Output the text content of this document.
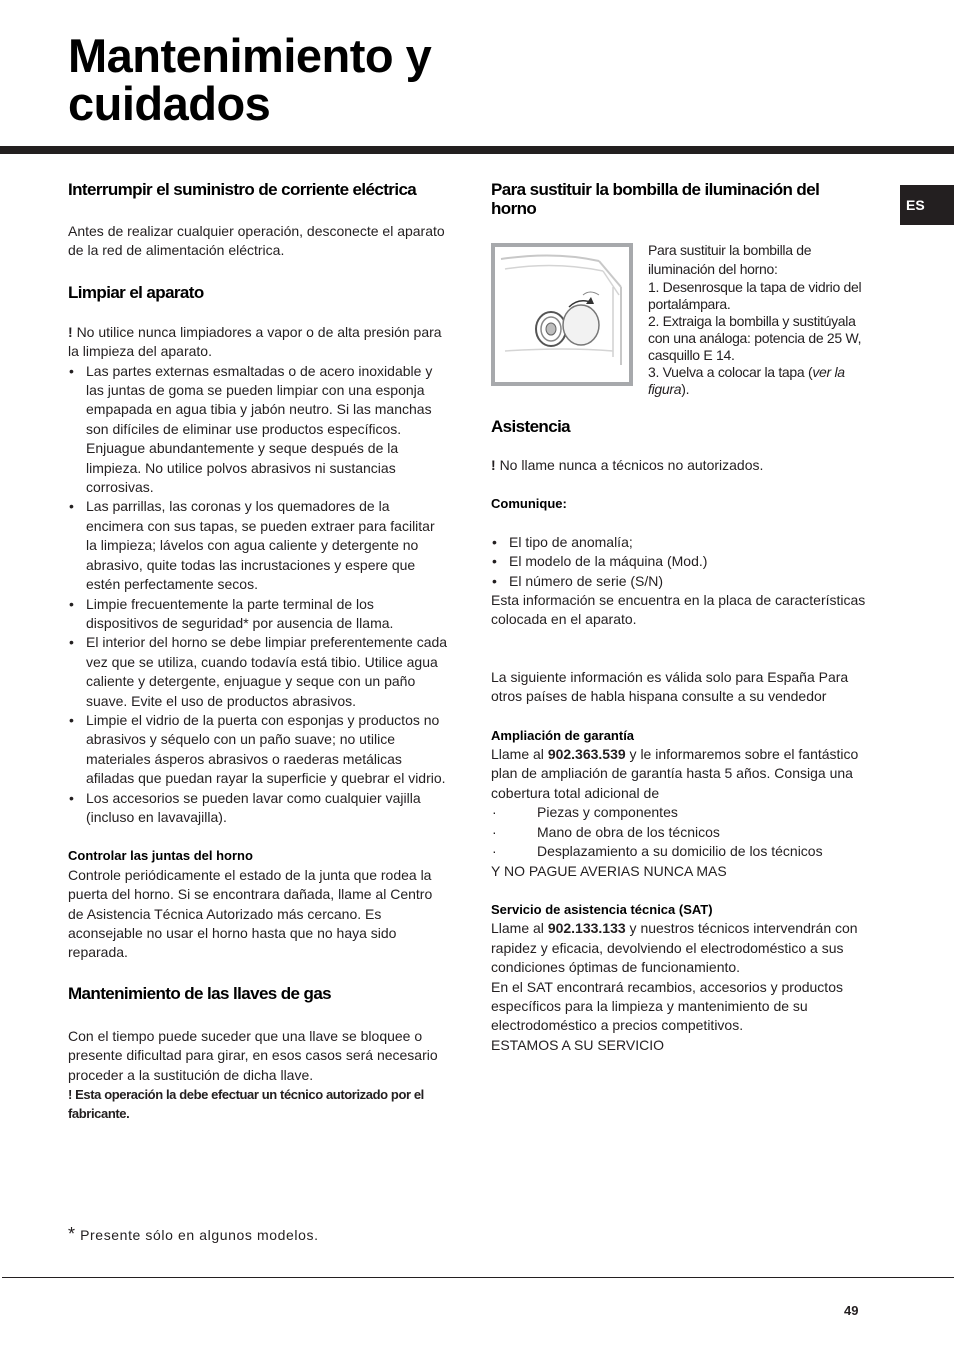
Mantenimiento y
cuidados
ES
Interrumpir el suministro de corriente eléctrica

Antes de realizar cualquier operación, desconecte el aparato de la red de alimentación eléctrica.

Limpiar el aparato

! No utilice nunca limpiadores a vapor o de alta presión para la limpieza del aparato.

• Las partes externas esmaltadas o de acero inoxidable y las juntas de goma se pueden limpiar con una esponja empapada en agua tibia y jabón neutro. Si las manchas son difíciles de eliminar use productos específicos. Enjuague abundantemente y seque después de la limpieza. No utilice polvos abrasivos ni sustancias corrosivas.
• Las parrillas, las coronas y los quemadores de la encimera con sus tapas, se pueden extraer para facilitar la limpieza; lávelos con agua caliente y detergente no abrasivo, quite todas las incrustaciones y espere que estén perfectamente secos.
• Limpie frecuentemente la parte terminal de los dispositivos de seguridad* por ausencia de llama.
• El interior del horno se debe limpiar preferentemente cada vez que se utiliza, cuando todavía está tibio. Utilice agua caliente y detergente, enjuague y seque con un paño suave. Evite el uso de productos abrasivos.
• Limpie el vidrio de la puerta con esponjas y productos no abrasivos y séquelo con un paño suave; no utilice materiales ásperos abrasivos o raederas metálicas afiladas que puedan rayar la superficie y quebrar el vidrio.
• Los accesorios se pueden lavar como cualquier vajilla (incluso en lavavajilla).

Controlar las juntas del horno

Controle periódicamente el estado de la junta que rodea la puerta del horno. Si se encontrara dañada, llame al Centro de Asistencia Técnica Autorizado más cercano. Es aconsejable no usar el horno hasta que no haya sido reparada.

Mantenimiento de las llaves de gas

Con el tiempo puede suceder que una llave se bloquee o presente dificultad para girar, en esos casos será necesario proceder a la sustitución de dicha llave.

! Esta operación la debe efectuar un técnico autorizado por el fabricante.

Para sustituir la bombilla de iluminación del horno

Para sustituir la bombilla de iluminación del horno:

1. Desenrosque la tapa de vidrio del portalámpara.

2. Extraiga la bombilla y sustitúyala con una análoga: potencia de 25 W, casquillo E 14.

3. Vuelva a colocar la tapa (ver la figura).

Asistencia

! No llame nunca a técnicos no autorizados.

Comunique:

• El tipo de anomalía;
• El modelo de la máquina (Mod.)
• El número de serie (S/N)

Esta información se encuentra en la placa de características colocada en el aparato.

La siguiente información es válida solo para España Para otros países de habla hispana consulte a su vendedor

Ampliación de garantía

Llame al 902.363.539 y le informaremos sobre el fantástico plan de ampliación de garantía hasta 5 años. Consiga una cobertura total adicional de

· Piezas y componentes
· Mano de obra de los técnicos
· Desplazamiento a su domicilio de los técnicos

Y NO PAGUE AVERIAS NUNCA MAS

Servicio de asistencia técnica (SAT)

Llame al 902.133.133 y nuestros técnicos intervendrán con rapidez y eficacia, devolviendo el electrodoméstico a sus condiciones óptimas de funcionamiento.

En el SAT encontrará recambios, accesorios y productos específicos para la limpieza y mantenimiento de su electrodoméstico a precios competitivos.

ESTAMOS A SU SERVICIO

* Presente sólo en algunos modelos.
49
